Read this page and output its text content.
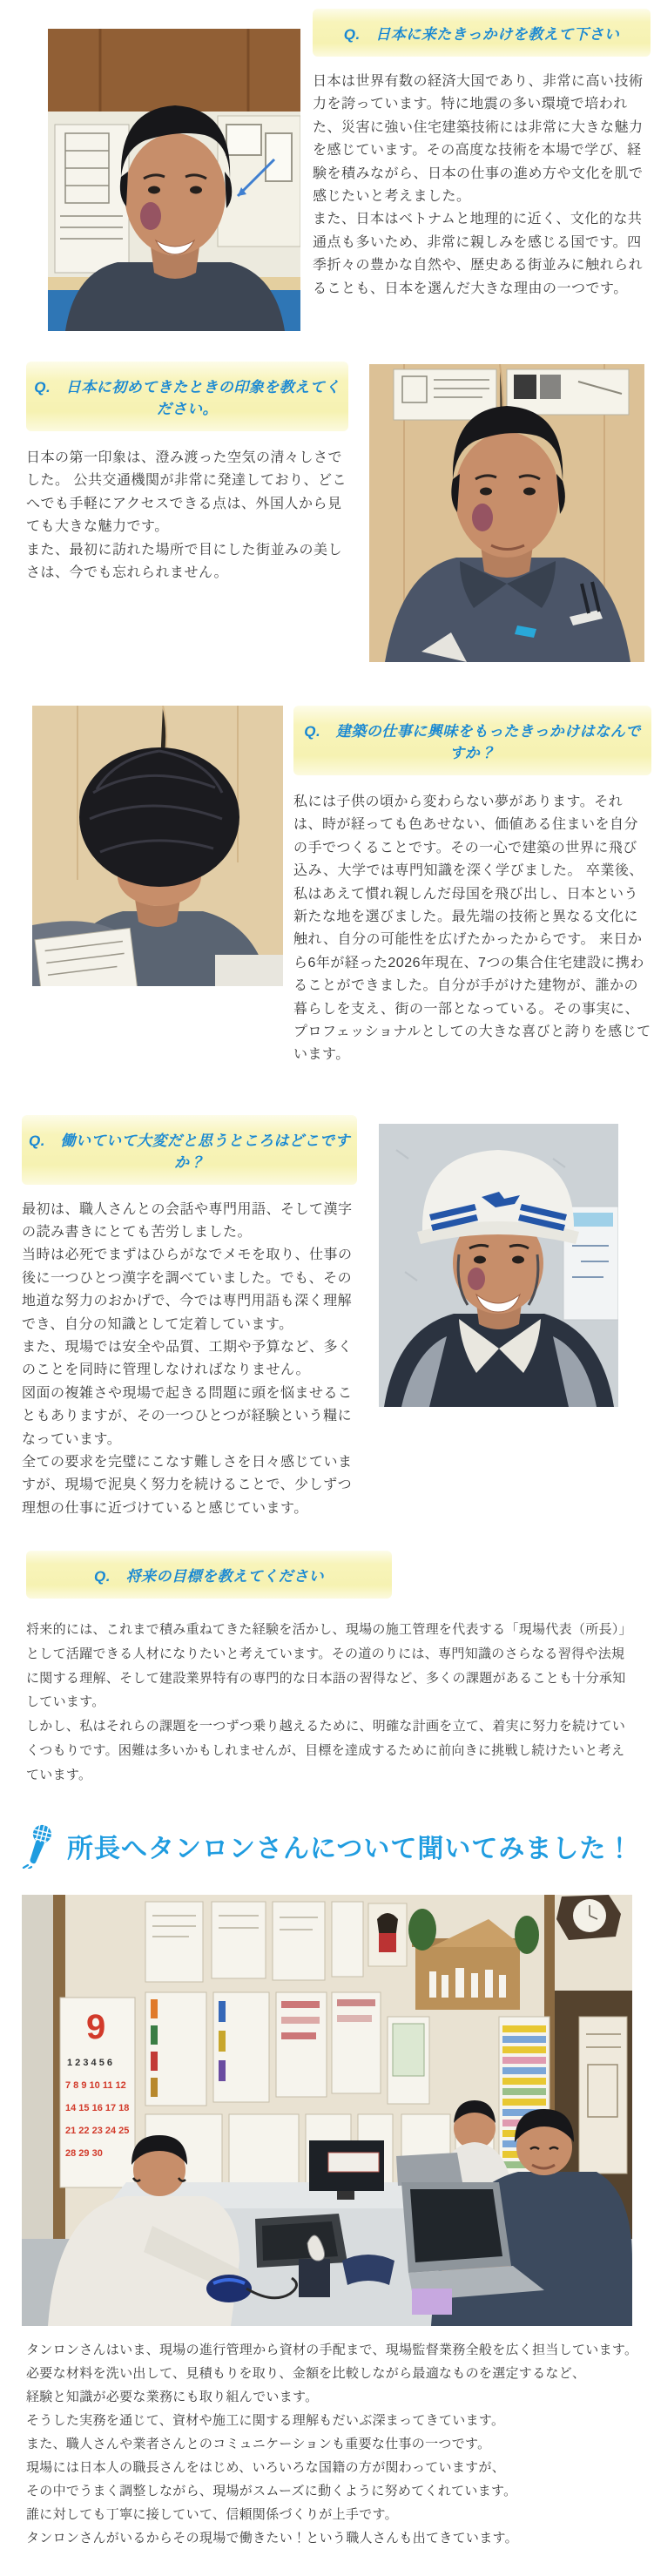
Q.　日本に来たきっかけを教えて下さい

日本は世界有数の経済大国であり、非常に高い技術力を誇っています。特に地震の多い環境で培われた、災害に強い住宅建築技術には非常に大きな魅力を感じています。その高度な技術を本場で学び、経験を積みながら、日本の仕事の進め方や文化を肌で感じたいと考えました。

また、日本はベトナムと地理的に近く、文化的な共通点も多いため、非常に親しみを感じる国です。四季折々の豊かな自然や、歴史ある街並みに触れられることも、日本を選んだ大きな理由の一つです。

Q.　日本に初めてきたときの印象を教えてください。

日本の第一印象は、澄み渡った空気の清々しさでした。 公共交通機関が非常に発達しており、どこへでも手軽にアクセスできる点は、外国人から見ても大きな魅力です。

また、最初に訪れた場所で目にした街並みの美しさは、今でも忘れられません。

Q.　建築の仕事に興味をもったきっかけはなんですか？

私には子供の頃から変わらない夢があります。それは、時が経っても色あせない、価値ある住まいを自分の手でつくることです。その一心で建築の世界に飛び込み、大学では専門知識を深く学びました。 卒業後、私はあえて慣れ親しんだ母国を飛び出し、日本という新たな地を選びました。最先端の技術と異なる文化に触れ、自分の可能性を広げたかったからです。 来日から6年が経った2026年現在、7つの集合住宅建設に携わることができました。自分が手がけた建物が、誰かの暮らしを支え、街の一部となっている。その事実に、プロフェッショナルとしての大きな喜びと誇りを感じています。

Q.　働いていて大変だと思うところはどこですか？

最初は、職人さんとの会話や専門用語、そして漢字の読み書きにとても苦労しました。

当時は必死でまずはひらがなでメモを取り、仕事の後に一つひとつ漢字を調べていました。でも、その地道な努力のおかげで、今では専門用語も深く理解でき、自分の知識として定着しています。

また、現場では安全や品質、工期や予算など、多くのことを同時に管理しなければなりません。

図面の複雑さや現場で起きる問題に頭を悩ませることもありますが、その一つひとつが経験という糧になっています。

全ての要求を完璧にこなす難しさを日々感じていますが、現場で泥臭く努力を続けることで、少しずつ理想の仕事に近づけていると感じています。

Q.　将来の目標を教えてください

将来的には、これまで積み重ねてきた経験を活かし、現場の施工管理を代表する「現場代表（所長）」として活躍できる人材になりたいと考えています。その道のりには、専門知識のさらなる習得や法規に関する理解、そして建設業界特有の専門的な日本語の習得など、多くの課題があることも十分承知しています。

しかし、私はそれらの課題を一つずつ乗り越えるために、明確な計画を立て、着実に努力を続けていくつもりです。困難は多いかもしれませんが、目標を達成するために前向きに挑戦し続けたいと考えています。

所長へタンロンさんについて聞いてみました！
9
1 2 3 4 5 6
7 8 9 10 11 12
14 15 16 17 18
21 22 23 24 25
28 29 30
タンロンさんはいま、現場の進行管理から資材の手配まで、現場監督業務全般を広く担当しています。
必要な材料を洗い出して、見積もりを取り、金額を比較しながら最適なものを選定するなど、
経験と知識が必要な業務にも取り組んでいます。
そうした実務を通じて、資材や施工に関する理解もだいぶ深まってきています。
また、職人さんや業者さんとのコミュニケーションも重要な仕事の一つです。
現場には日本人の職長さんをはじめ、いろいろな国籍の方が関わっていますが、
その中でうまく調整しながら、現場がスムーズに動くように努めてくれています。
誰に対しても丁寧に接していて、信頼関係づくりが上手です。
タンロンさんがいるからその現場で働きたい！という職人さんも出てきています。
